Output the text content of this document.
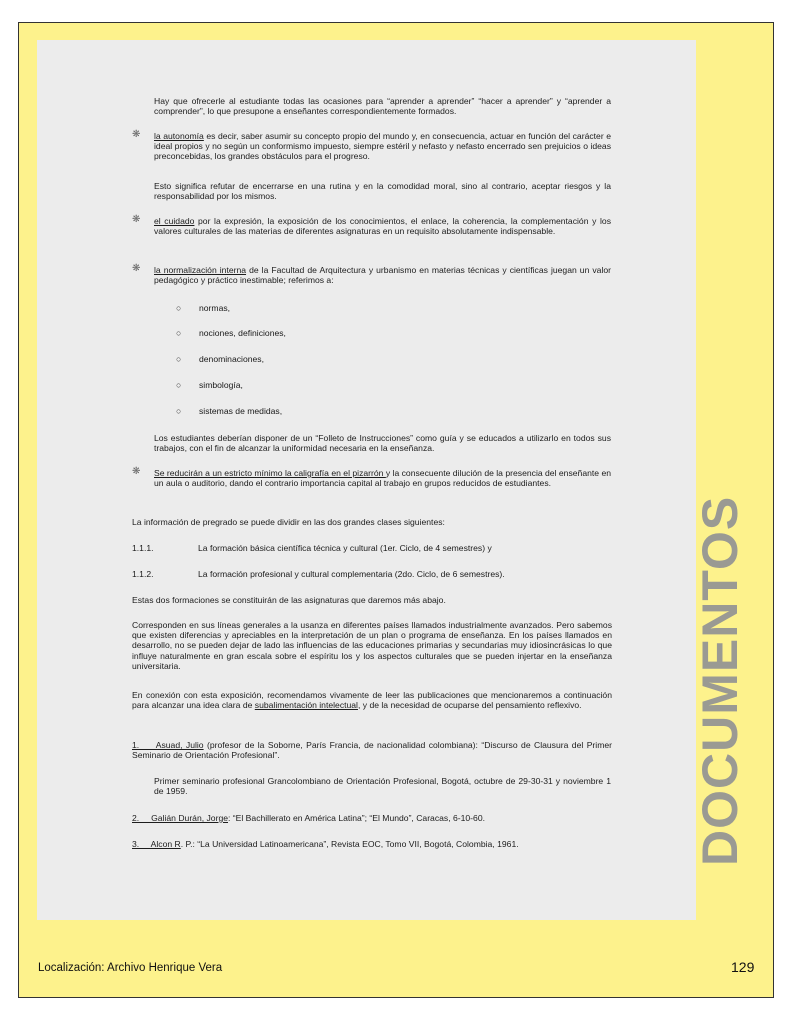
Hay que ofrecerle al estudiante todas las ocasiones para “aprender a aprender” “hacer a aprender” y “aprender a comprender”, lo que presupone a enseñantes correspondientemente formados.
❋ la autonomía es decir, saber asumir su concepto propio del mundo y, en consecuencia, actuar en función del carácter e ideal propios y no según un conformismo impuesto, siempre estéril y nefasto y nefasto encerrado sen prejuicios o ideas preconcebidas, los grandes obstáculos para el progreso.
Esto significa refutar de encerrarse en una rutina y en la comodidad moral, sino al contrario, aceptar riesgos y la responsabilidad por los mismos.
❋ el cuidado por la expresión, la exposición de los conocimientos, el enlace, la coherencia, la complementación y los valores culturales de las materias de diferentes asignaturas en un requisito absolutamente indispensable.
❋ la normalización interna de la Facultad de Arquitectura y urbanismo en materias técnicas y científicas juegan un valor pedagógico y práctico inestimable; referimos a:
○ normas,
○ nociones, definiciones,
○ denominaciones,
○ simbología,
○ sistemas de medidas,
Los estudiantes deberían disponer de un “Folleto de Instrucciones” como guía y se educados a utilizarlo en todos sus trabajos, con el fin de alcanzar la uniformidad necesaria en la enseñanza.
❋ Se reducirán a un estricto mínimo la caligrafía en el pizarrón y la consecuente dilución de la presencia del enseñante en un aula o auditorio, dando el contrario importancia capital al trabajo en grupos reducidos de estudiantes.
La información de pregrado se puede dividir en las dos grandes clases siguientes:
1.1.1.	La formación básica científica técnica y cultural (1er. Ciclo, de 4 semestres) y
1.1.2.	La formación profesional y cultural complementaria (2do. Ciclo, de 6 semestres).
Estas dos formaciones se constituirán de las asignaturas que daremos más abajo.
Corresponden en sus líneas generales a la usanza en diferentes países llamados industrialmente avanzados. Pero sabemos que existen diferencias y apreciables en la interpretación de un plan o programa de enseñanza. En los países llamados en desarrollo, no se pueden dejar de lado las influencias de las educaciones primarias y secundarias muy idiosincrásicas lo que influye naturalmente en gran escala sobre el espíritu los y los aspectos culturales que se pueden injertar en la enseñanza universitaria.
En conexión con esta exposición, recomendamos vivamente de leer las publicaciones que mencionaremos a continuación para alcanzar una idea clara de subalimentación intelectual, y de la necesidad de ocuparse del pensamiento reflexivo.
1.     Asuad, Julio (profesor de la Soborne, París Francia, de nacionalidad colombiana): “Discurso de Clausura del Primer Seminario de Orientación Profesional”.
Primer seminario profesional Grancolombiano de Orientación Profesional, Bogotá, octubre de 29-30-31 y noviembre 1 de 1959.
2.     Galián Durán, Jorge: “El Bachillerato en América Latina”; “El Mundo”, Caracas, 6-10-60.
3.     Alcon R. P.: “La Universidad Latinoamericana”, Revista EOC, Tomo VII, Bogotá, Colombia, 1961.	DOCUMENTOS
Localización: Archivo Henrique Vera	129
